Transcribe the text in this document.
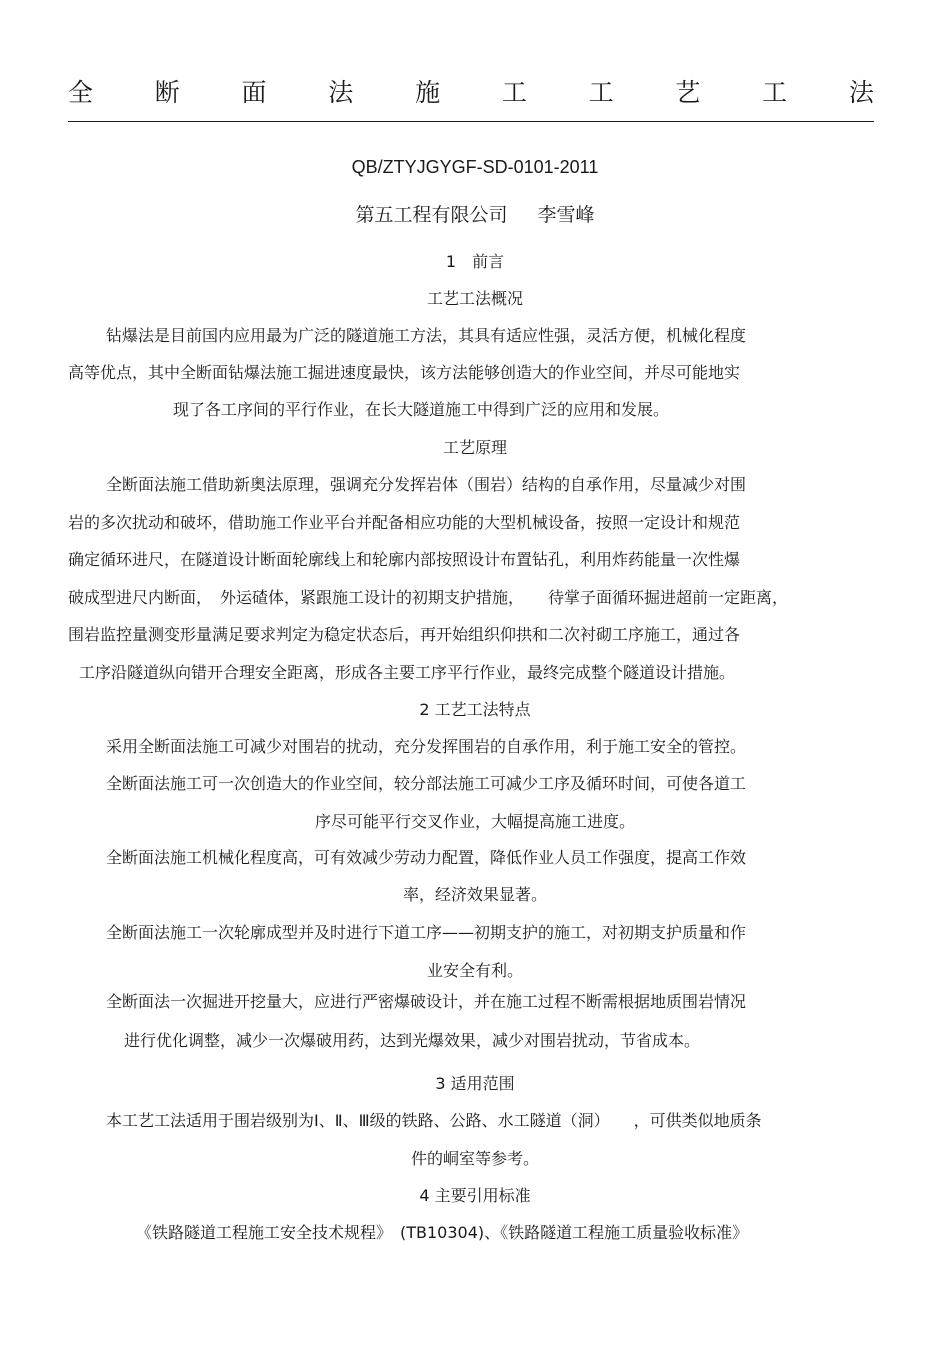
全 断 面 法 施 工 工 艺 工 法
QB/ZTYJGYGF-SD-0101-2011
第五工程有限公司 李雪峰
1　前言
工艺工法概况
钻爆法是目前国内应用最为广泛的隧道施工方法，其具有适应性强，灵活方便，机械化程度
高等优点，其中全断面钻爆法施工掘进速度最快，该方法能够创造大的作业空间，并尽可能地实
现了各工序间的平行作业，在长大隧道施工中得到广泛的应用和发展。
工艺原理
全断面法施工借助新奥法原理，强调充分发挥岩体（围岩）结构的自承作用，尽量减少对围
岩的多次扰动和破坏，借助施工作业平台并配备相应功能的大型机械设备，按照一定设计和规范
确定循环进尺，在隧道设计断面轮廓线上和轮廓内部按照设计布置钻孔，利用炸药能量一次性爆
破成型进尺内断面，　外运碴体，紧跟施工设计的初期支护措施，　　待掌子面循环掘进超前一定距离，
围岩监控量测变形量满足要求判定为稳定状态后，再开始组织仰拱和二次衬砌工序施工，通过各
工序沿隧道纵向错开合理安全距离，形成各主要工序平行作业，最终完成整个隧道设计措施。
2 工艺工法特点
采用全断面法施工可减少对围岩的扰动，充分发挥围岩的自承作用，利于施工安全的管控。
全断面法施工可一次创造大的作业空间，较分部法施工可减少工序及循环时间，可使各道工
序尽可能平行交叉作业，大幅提高施工进度。
全断面法施工机械化程度高，可有效减少劳动力配置，降低作业人员工作强度，提高工作效
率，经济效果显著。
全断面法施工一次轮廓成型并及时进行下道工序——初期支护的施工，对初期支护质量和作
业安全有利。
全断面法一次掘进开挖量大，应进行严密爆破设计，并在施工过程不断需根据地质围岩情况
进行优化调整，减少一次爆破用药，达到光爆效果，减少对围岩扰动，节省成本。
3 适用范围
本工艺工法适用于围岩级别为Ⅰ、Ⅱ、Ⅲ级的铁路、公路、水工隧道（洞）　　，可供类似地质条
件的峒室等参考。
4 主要引用标准
《铁路隧道工程施工安全技术规程》　(TB10304)、《铁路隧道工程施工质量验收标准》
